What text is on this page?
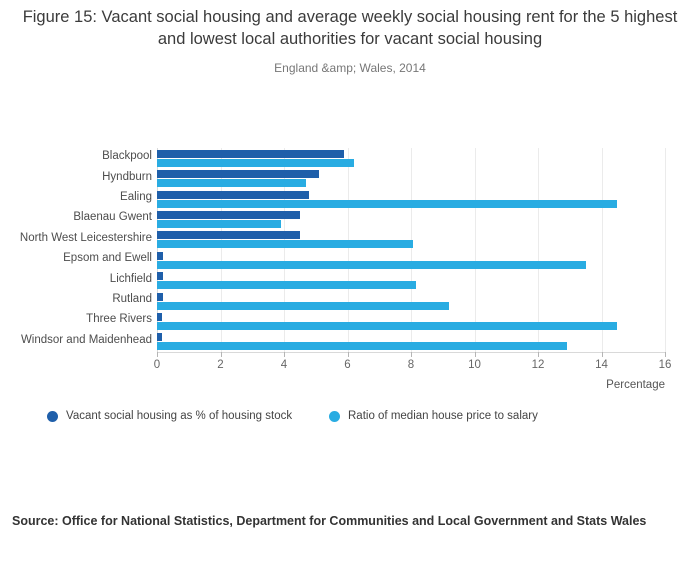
Figure 15: Vacant social housing and average weekly social housing rent for the 5 highest and lowest local authorities for vacant social housing
England &amp; Wales, 2014
0	2	4	6	8	10	12	14	16
Blackpool
Hyndburn
Ealing
Blaenau Gwent
North West Leicestershire
Epsom and Ewell
Lichfield
Rutland
Three Rivers
Windsor and Maidenhead
Percentage
Vacant social housing as % of housing stock	Ratio of median house price to salary
Source: Office for National Statistics, Department for Communities and Local Government and Stats Wales
